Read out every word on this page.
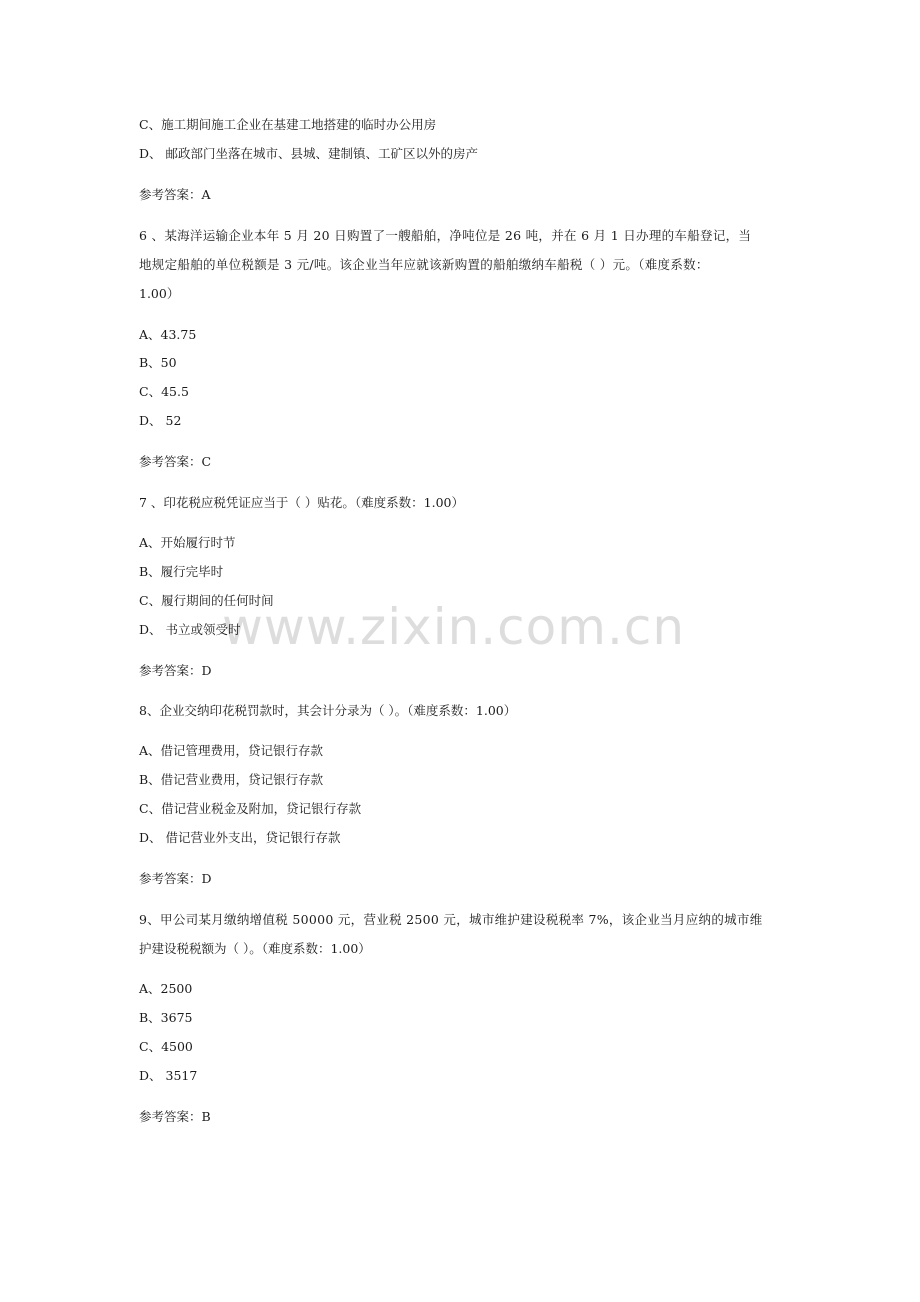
www.zixin.com.cn
C、施工期间施工企业在基建工地搭建的临时办公用房
D、 邮政部门坐落在城市、县城、建制镇、工矿区以外的房产
参考答案：A
6 、某海洋运输企业本年 5 月 20 日购置了一艘船舶，净吨位是 26 吨，并在 6 月 1 日办理的车船登记，当
地规定船舶的单位税额是 3 元/吨。该企业当年应就该新购置的船舶缴纳车船税（ ）元。（难度系数：
1.00）
A、43.75
B、50
C、45.5
D、 52
参考答案：C
7 、印花税应税凭证应当于（ ）贴花。（难度系数：1.00）
A、开始履行时节
B、履行完毕时
C、履行期间的任何时间
D、 书立或领受时
参考答案：D
8、企业交纳印花税罚款时，其会计分录为（ ）。（难度系数：1.00）
A、借记管理费用，贷记银行存款
B、借记营业费用，贷记银行存款
C、借记营业税金及附加，贷记银行存款
D、 借记营业外支出，贷记银行存款
参考答案：D
9、甲公司某月缴纳增值税 50000 元，营业税 2500 元，城市维护建设税税率 7%，该企业当月应纳的城市维
护建设税税额为（ ）。（难度系数：1.00）
A、2500
B、3675
C、4500
D、 3517
参考答案：B
